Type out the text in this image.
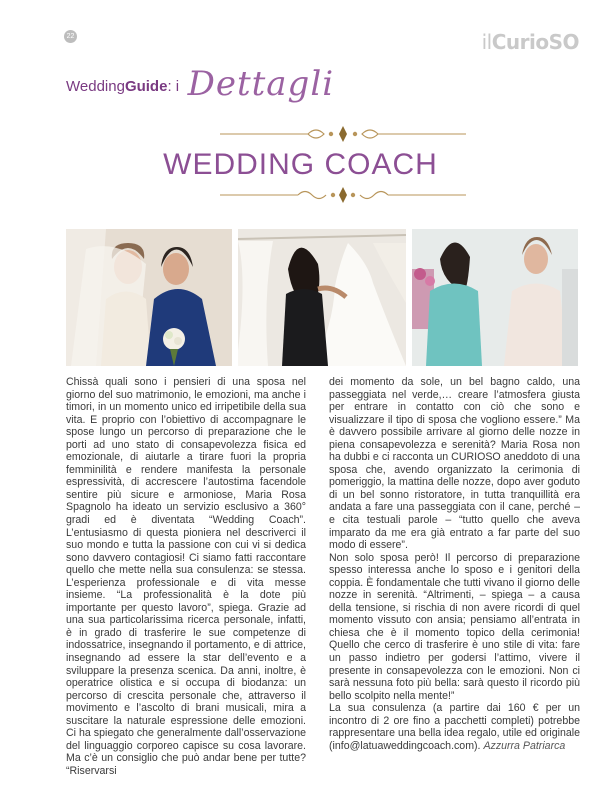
22	ilCurioSO
WeddingGuide: i Dettagli
WEDDING COACH

Chissà quali sono i pensieri di una sposa nel giorno del suo matrimonio, le emozioni, ma anche i timori, in un momento unico ed irripetibile della sua vita. E proprio con l’obiettivo di accompagnare le spose lungo un percorso di preparazione che le porti ad uno stato di consapevolezza fisica ed emozionale, di aiutarle a tirare fuori la propria femminilità e rendere manifesta la personale espressività, di accrescere l’autostima facendole sentire più sicure e armoniose, Maria Rosa Spagnolo ha ideato un servizio esclusivo a 360° gradi ed è diventata “Wedding Coach”. L’entusiasmo di questa pioniera nel descriverci il suo mondo e tutta la passione con cui vi si dedica sono davvero contagiosi! Ci siamo fatti raccontare quello che mette nella sua consulenza: se stessa. L’esperienza professionale e di vita messe insieme. “La professionalità è la dote più importante per questo lavoro”, spiega. Grazie ad una sua particolarissima ricerca personale, infatti, è in grado di trasferire le sue competenze di indossatrice, insegnando il portamento, e di attrice, insegnando ad essere la star dell’evento e a sviluppare la presenza scenica. Da anni, inoltre, è operatrice olistica e si occupa di biodanza: un percorso di crescita personale che, attraverso il movimento e l’ascolto di brani musicali, mira a suscitare la naturale espressione delle emozioni. Ci ha spiegato che generalmente dall’osservazione del linguaggio corporeo capisce su cosa lavorare. Ma c’è un consiglio che può andar bene per tutte? “Riservarsi

dei momento da sole, un bel bagno caldo, una passeggiata nel verde,… creare l’atmosfera giusta per entrare in contatto con ciò che sono e visualizzare il tipo di sposa che vogliono essere.” Ma è davvero possibile arrivare al giorno delle nozze in piena consapevolezza e serenità? Maria Rosa non ha dubbi e ci racconta un CURIOSO aneddoto di una sposa che, avendo organizzato la cerimonia di pomeriggio, la mattina delle nozze, dopo aver goduto di un bel sonno ristoratore, in tutta tranquillità era andata a fare una passeggiata con il cane, perché – e cita testuali parole – “tutto quello che aveva imparato da me era già entrato a far parte del suo modo di essere”.

Non solo sposa però! Il percorso di preparazione spesso interessa anche lo sposo e i genitori della coppia. È fondamentale che tutti vivano il giorno delle nozze in serenità. “Altrimenti, – spiega – a causa della tensione, si rischia di non avere ricordi di quel momento vissuto con ansia; pensiamo all’entrata in chiesa che è il momento topico della cerimonia! Quello che cerco di trasferire è uno stile di vita: fare un passo indietro per godersi l’attimo, vivere il presente in consapevolezza con le emozioni. Non ci sarà nessuna foto più bella: sarà questo il ricordo più bello scolpito nella mente!”

La sua consulenza (a partire dai 160 € per un incontro di 2 ore fino a pacchetti completi) potrebbe rappresentare una bella idea regalo, utile ed originale (info@latuaweddingcoach.com). Azzurra Patriarca
